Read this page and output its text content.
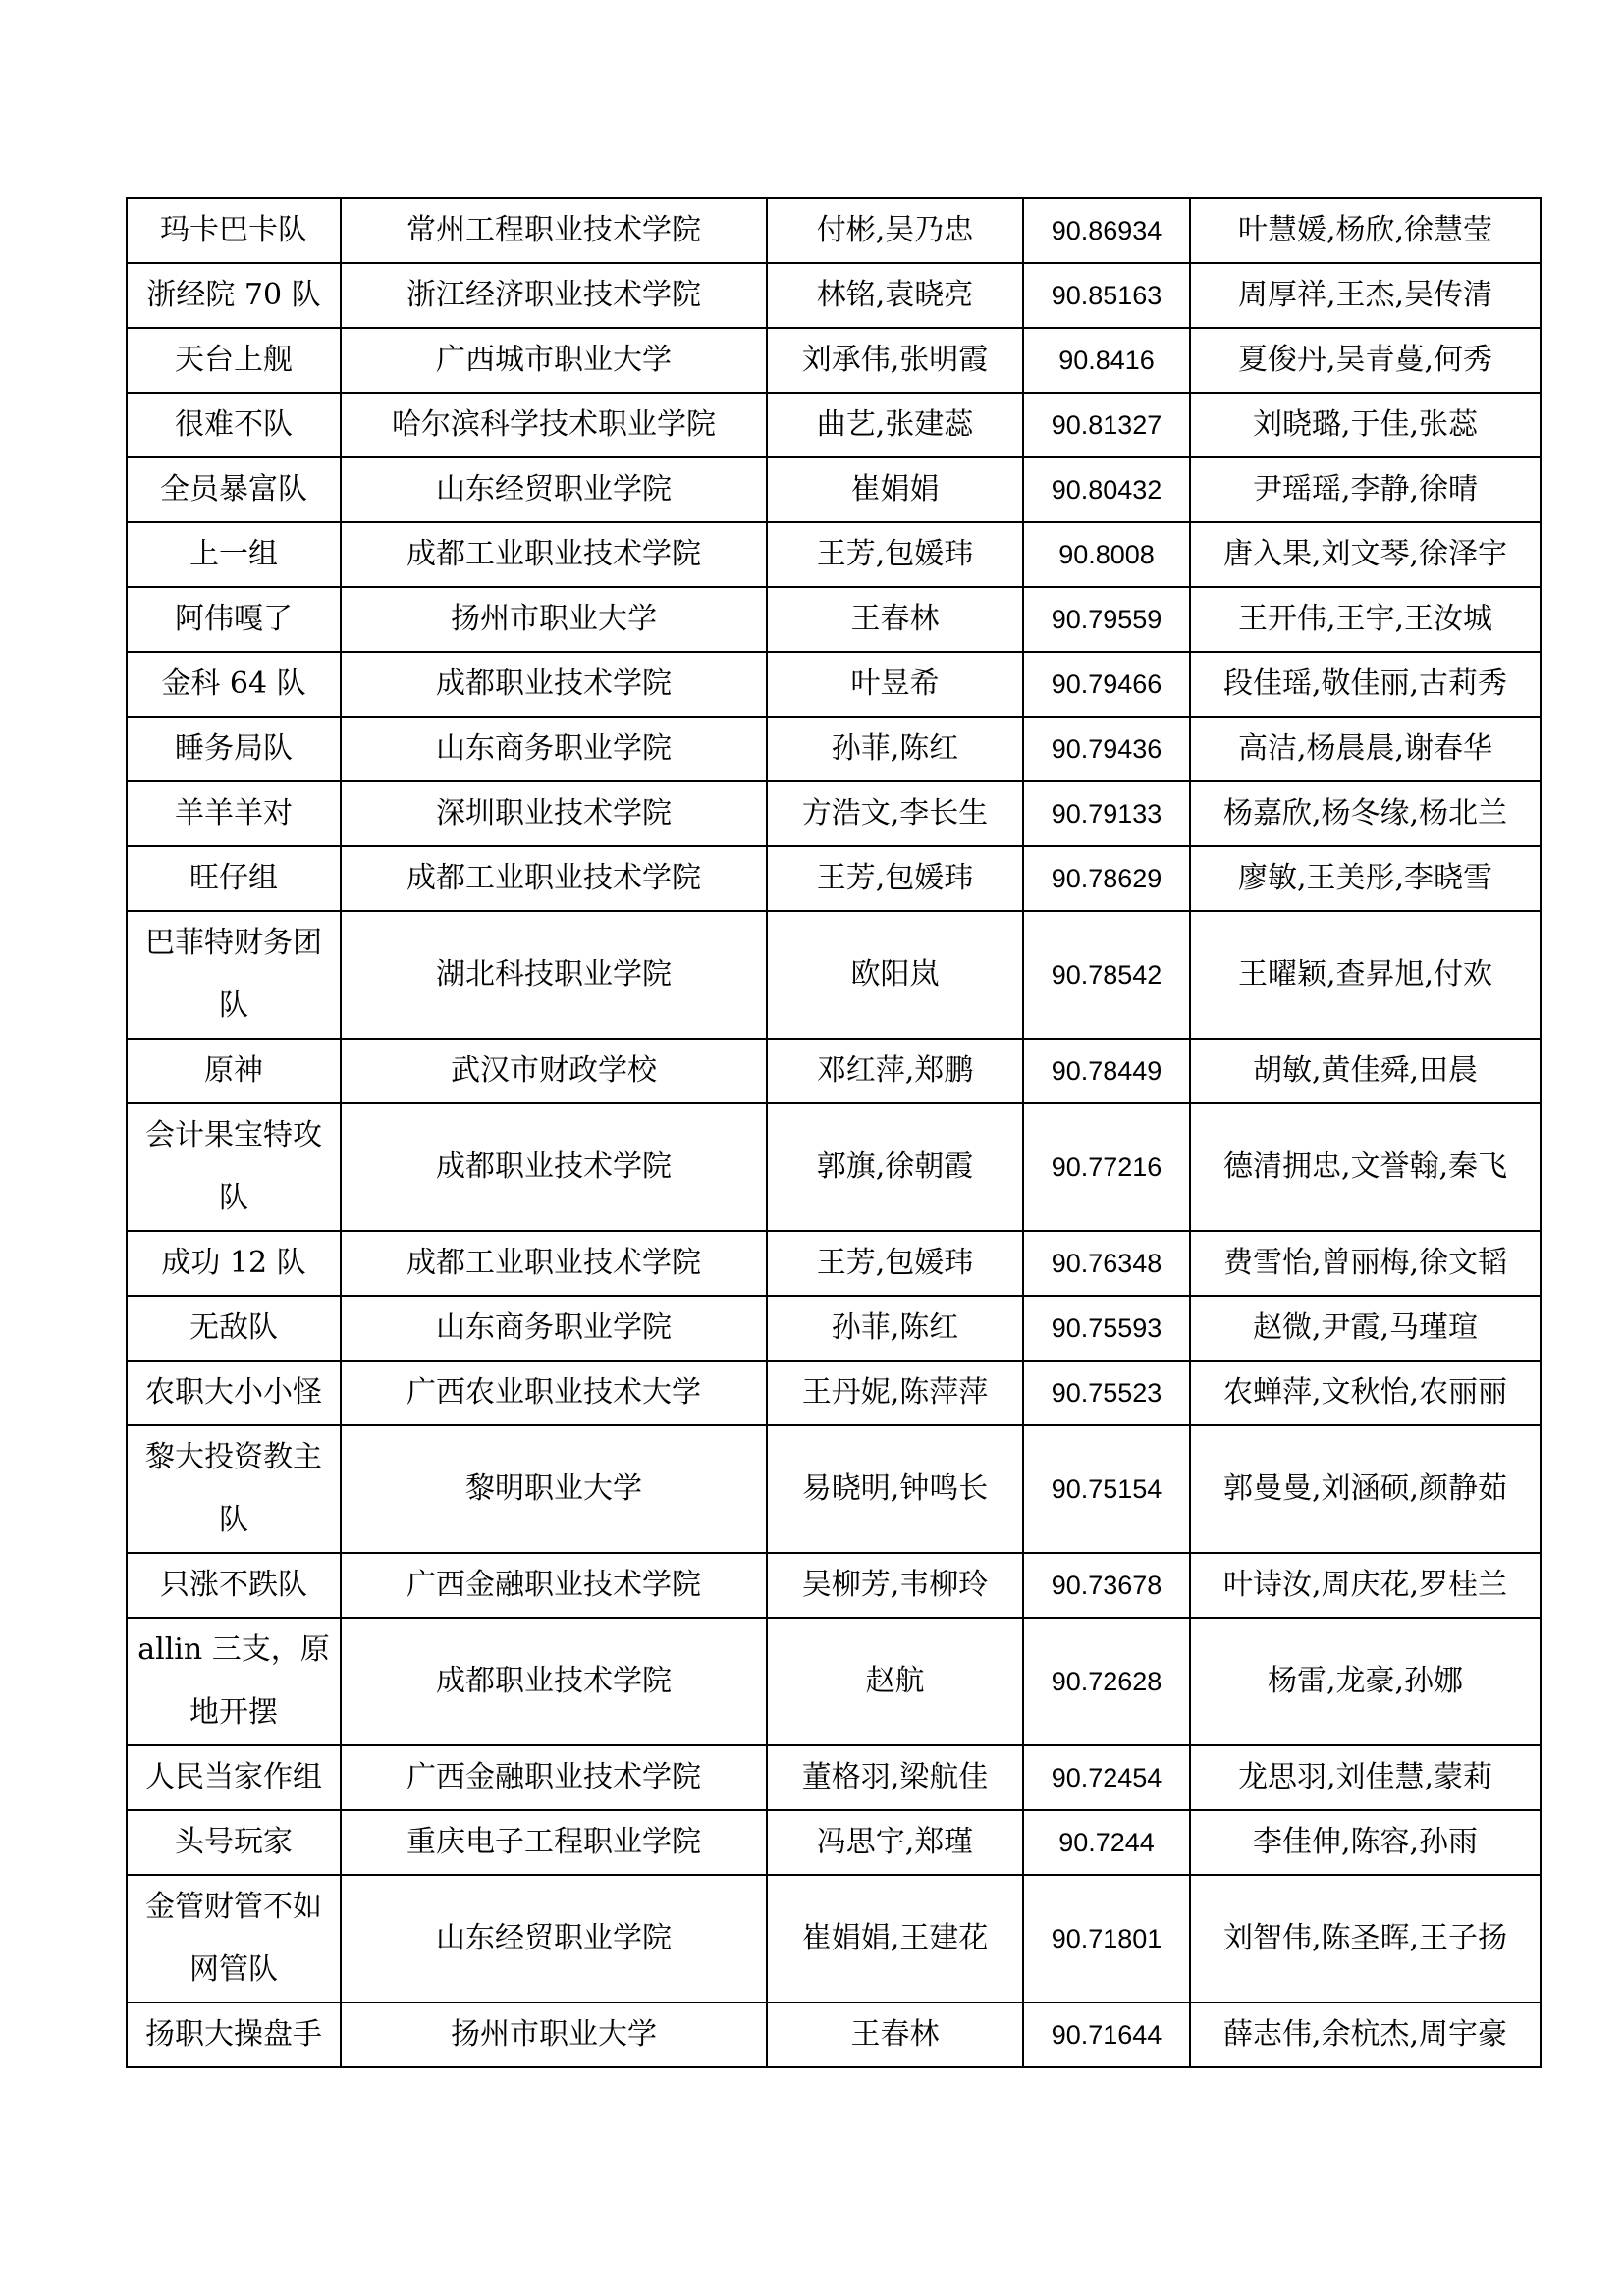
玛卡巴卡队	常州工程职业技术学院	付彬,吴乃忠	90.86934	叶慧媛,杨欣,徐慧莹
浙经院 70 队	浙江经济职业技术学院	林铭,袁晓亮	90.85163	周厚祥,王杰,吴传清
天台上舰	广西城市职业大学	刘承伟,张明霞	90.8416	夏俊丹,吴青蔓,何秀
很难不队	哈尔滨科学技术职业学院	曲艺,张建蕊	90.81327	刘晓璐,于佳,张蕊
全员暴富队	山东经贸职业学院	崔娟娟	90.80432	尹瑶瑶,李静,徐晴
上一组	成都工业职业技术学院	王芳,包媛玮	90.8008	唐入果,刘文琴,徐泽宇
阿伟嘎了	扬州市职业大学	王春林	90.79559	王开伟,王宇,王汝城
金科 64 队	成都职业技术学院	叶昱希	90.79466	段佳瑶,敬佳丽,古莉秀
睡务局队	山东商务职业学院	孙菲,陈红	90.79436	高洁,杨晨晨,谢春华
羊羊羊对	深圳职业技术学院	方浩文,李长生	90.79133	杨嘉欣,杨冬缘,杨北兰
旺仔组	成都工业职业技术学院	王芳,包媛玮	90.78629	廖敏,王美彤,李晓雪
巴菲特财务团队	湖北科技职业学院	欧阳岚	90.78542	王曜颖,查昇旭,付欢
原神	武汉市财政学校	邓红萍,郑鹏	90.78449	胡敏,黄佳舜,田晨
会计果宝特攻队	成都职业技术学院	郭旗,徐朝霞	90.77216	德清拥忠,文誉翰,秦飞
成功 12 队	成都工业职业技术学院	王芳,包媛玮	90.76348	费雪怡,曾丽梅,徐文韬
无敌队	山东商务职业学院	孙菲,陈红	90.75593	赵微,尹霞,马瑾瑄
农职大小小怪	广西农业职业技术大学	王丹妮,陈萍萍	90.75523	农蝉萍,文秋怡,农丽丽
黎大投资教主队	黎明职业大学	易晓明,钟鸣长	90.75154	郭曼曼,刘涵硕,颜静茹
只涨不跌队	广西金融职业技术学院	吴柳芳,韦柳玲	90.73678	叶诗汝,周庆花,罗桂兰
allin 三支，原地开摆	成都职业技术学院	赵航	90.72628	杨雷,龙豪,孙娜
人民当家作组	广西金融职业技术学院	董格羽,梁航佳	90.72454	龙思羽,刘佳慧,蒙莉
头号玩家	重庆电子工程职业学院	冯思宇,郑瑾	90.7244	李佳伸,陈容,孙雨
金管财管不如网管队	山东经贸职业学院	崔娟娟,王建花	90.71801	刘智伟,陈圣晖,王子扬
扬职大操盘手	扬州市职业大学	王春林	90.71644	薛志伟,余杭杰,周宇豪
